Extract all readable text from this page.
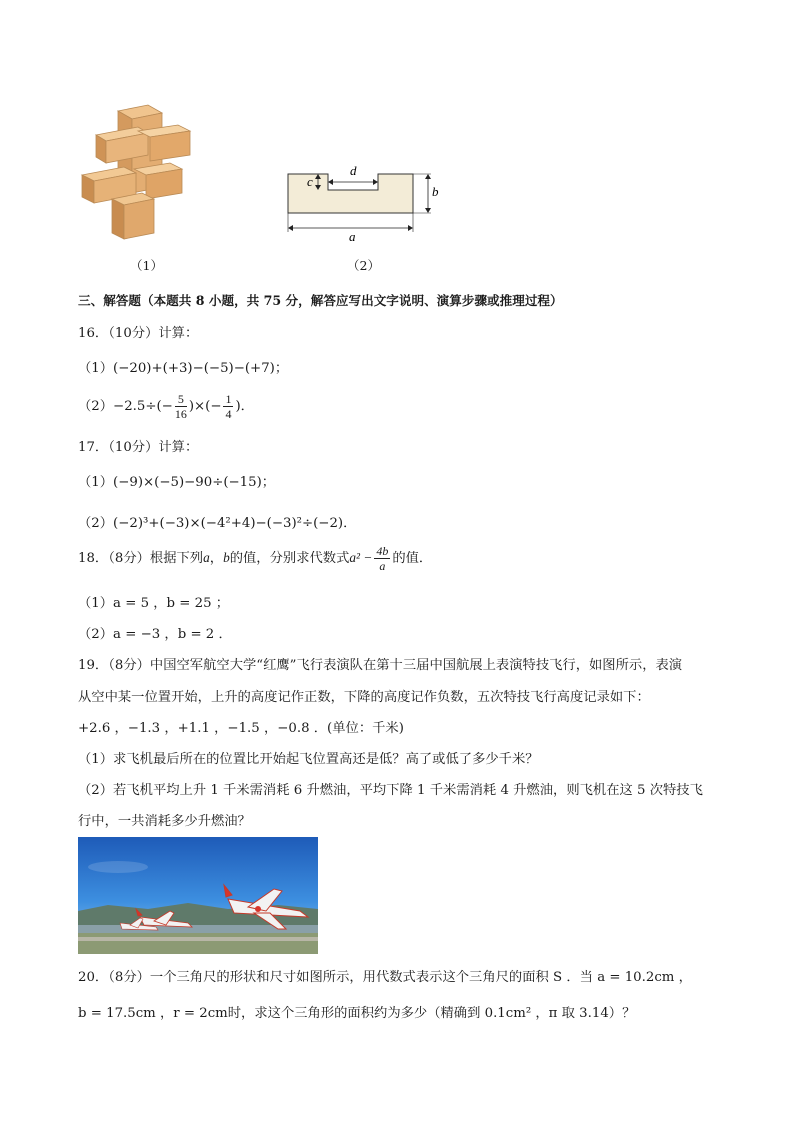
（1）
d
c
b
a
（2）
三、解答题（本题共 8 小题，共 75 分，解答应写出文字说明、演算步骤或推理过程）
16．（10分）计算：
（1）(−20)+(+3)−(−5)−(+7)；
$(2)-2.5\div(- \frac{5}{16}$ )×(− $\frac{1}{4}$ )．
17．（10分）计算：
（1）(−9)×(−5)−90÷(−15)；
（2）(−2)³+(−3)×(−4²+4)−(−3)²÷(−2)．
18．（8分）根据下列a，b的值，分别求代数式$a^2 - \frac{4b}{a}$ 的值．
（1）a = 5 ，b = 25 ；
（2）a = −3 ，b = 2 ．
19．（8分）中国空军航空大学“红鹰”飞行表演队在第十三届中国航展上表演特技飞行，如图所示，表演
从空中某一位置开始，上升的高度记作正数，下降的高度记作负数，五次特技飞行高度记录如下：
+2.6 ，−1.3 ，+1.1 ，−1.5 ，−0.8 ．(单位：千米)
（1）求飞机最后所在的位置比开始起飞位置高还是低？高了或低了多少千米？
（2）若飞机平均上升 1 千米需消耗 6 升燃油，平均下降 1 千米需消耗 4 升燃油，则飞机在这 5 次特技飞
行中，一共消耗多少升燃油？
20．（8分）一个三角尺的形状和尺寸如图所示，用代数式表示这个三角尺的面积 S ．当 a = 10.2cm ，
b = 17.5cm ，r = 2cm时，求这个三角形的面积约为多少（精确到 0.1cm² ，π 取 3.14）？
